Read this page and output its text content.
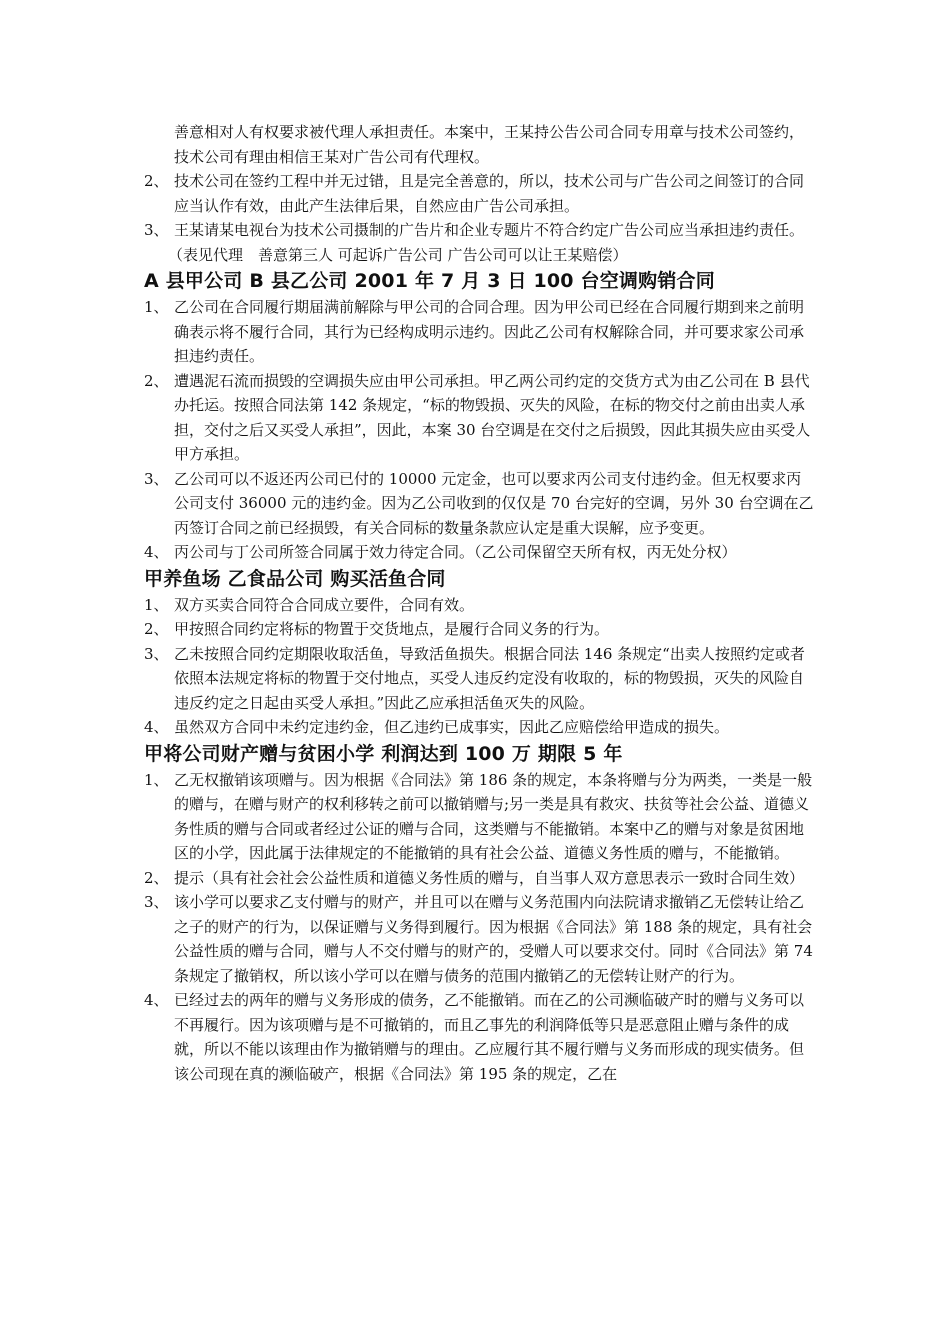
善意相对人有权要求被代理人承担责任。本案中，王某持公告公司合同专用章与技术公司签约，技术公司有理由相信王某对广告公司有代理权。

2、 技术公司在签约工程中并无过错，且是完全善意的，所以，技术公司与广告公司之间签订的合同应当认作有效，由此产生法律后果，自然应由广告公司承担。
3、 王某请某电视台为技术公司摄制的广告片和企业专题片不符合约定广告公司应当承担违约责任。
（表见代理　善意第三人 可起诉广告公司 广告公司可以让王某赔偿）
A 县甲公司 B 县乙公司 2001 年 7 月 3 日 100 台空调购销合同
1、 乙公司在合同履行期届满前解除与甲公司的合同合理。因为甲公司已经在合同履行期到来之前明确表示将不履行合同，其行为已经构成明示违约。因此乙公司有权解除合同，并可要求家公司承担违约责任。
2、 遭遇泥石流而损毁的空调损失应由甲公司承担。甲乙两公司约定的交货方式为由乙公司在 B 县代办托运。按照合同法第 142 条规定，“标的物毁损、灭失的风险，在标的物交付之前由出卖人承担，交付之后又买受人承担”，因此，本案 30 台空调是在交付之后损毁，因此其损失应由买受人甲方承担。
3、 乙公司可以不返还丙公司已付的 10000 元定金，也可以要求丙公司支付违约金。但无权要求丙公司支付 36000 元的违约金。因为乙公司收到的仅仅是 70 台完好的空调，另外 30 台空调在乙丙签订合同之前已经损毁，有关合同标的数量条款应认定是重大误解，应予变更。
4、 丙公司与丁公司所签合同属于效力待定合同。（乙公司保留空天所有权，丙无处分权）
甲养鱼场 乙食品公司 购买活鱼合同
1、 双方买卖合同符合合同成立要件，合同有效。
2、 甲按照合同约定将标的物置于交货地点，是履行合同义务的行为。
3、 乙未按照合同约定期限收取活鱼，导致活鱼损失。根据合同法 146 条规定“出卖人按照约定或者依照本法规定将标的物置于交付地点，买受人违反约定没有收取的，标的物毁损，灭失的风险自违反约定之日起由买受人承担。”因此乙应承担活鱼灭失的风险。
4、 虽然双方合同中未约定违约金，但乙违约已成事实，因此乙应赔偿给甲造成的损失。
甲将公司财产赠与贫困小学 利润达到 100 万 期限 5 年
1、 乙无权撤销该项赠与。因为根据《合同法》第 186 条的规定，本条将赠与分为两类，一类是一般的赠与，在赠与财产的权利移转之前可以撤销赠与;另一类是具有救灾、扶贫等社会公益、道德义务性质的赠与合同或者经过公证的赠与合同，这类赠与不能撤销。本案中乙的赠与对象是贫困地区的小学，因此属于法律规定的不能撤销的具有社会公益、道德义务性质的赠与，不能撤销。
2、 提示（具有社会社会公益性质和道德义务性质的赠与，自当事人双方意思表示一致时合同生效）
3、 该小学可以要求乙支付赠与的财产，并且可以在赠与义务范围内向法院请求撤销乙无偿转让给乙之子的财产的行为，以保证赠与义务得到履行。因为根据《合同法》第 188 条的规定，具有社会公益性质的赠与合同，赠与人不交付赠与的财产的，受赠人可以要求交付。同时《合同法》第 74 条规定了撤销权，所以该小学可以在赠与债务的范围内撤销乙的无偿转让财产的行为。
4、 已经过去的两年的赠与义务形成的债务，乙不能撤销。而在乙的公司濒临破产时的赠与义务可以不再履行。因为该项赠与是不可撤销的，而且乙事先的利润降低等只是恶意阻止赠与条件的成就，所以不能以该理由作为撤销赠与的理由。乙应履行其不履行赠与义务而形成的现实债务。但该公司现在真的濒临破产，根据《合同法》第 195 条的规定，乙在
